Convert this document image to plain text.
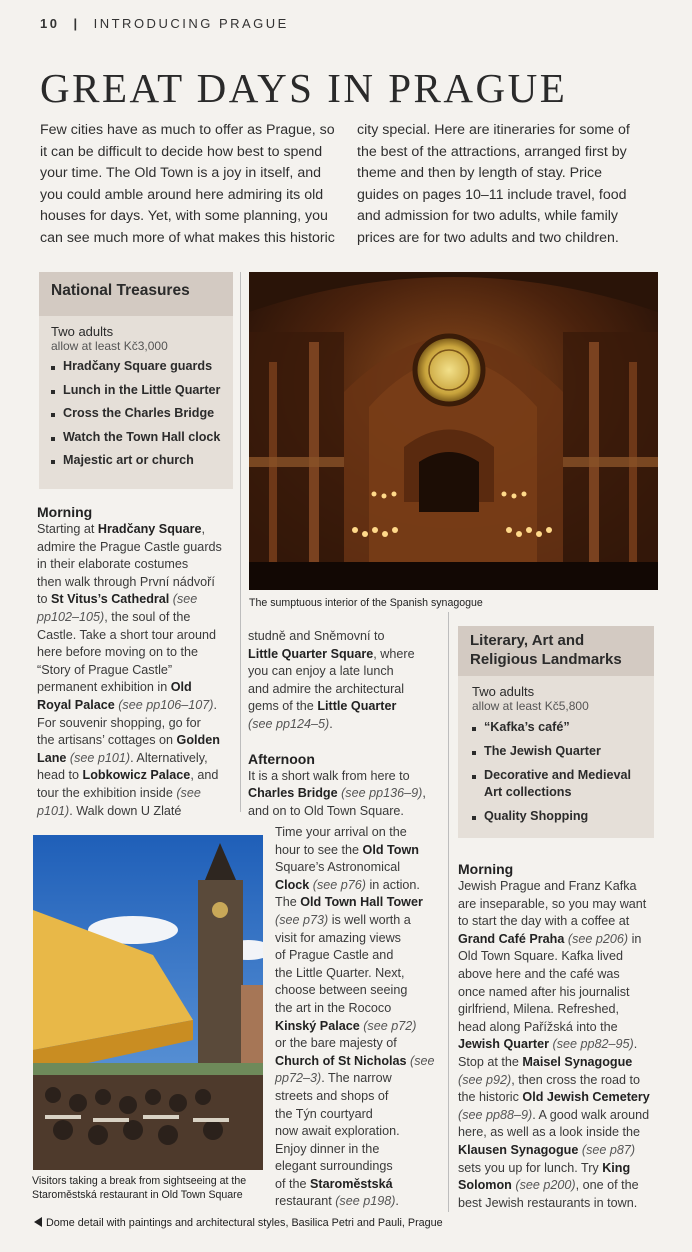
10 | INTRODUCING PRAGUE
GREAT DAYS IN PRAGUE

Few cities have as much to offer as Prague, so it can be difficult to decide how best to spend your time. The Old Town is a joy in itself, and you could amble around here admiring its old houses for days. Yet, with some planning, you can see much more of what makes this historic

city special. Here are itineraries for some of the best of the attractions, arranged first by theme and then by length of stay. Price guides on pages 10–11 include travel, food and admission for two adults, while family prices are for two adults and two children.

National Treasures
Two adults
allow at least Kč3,000
Hradčany Square guards
Lunch in the Little Quarter
Cross the Charles Bridge
Watch the Town Hall clock
Majestic art or church
The sumptuous interior of the Spanish synagogue
Morning
Starting at Hradčany Square,
admire the Prague Castle guards
in their elaborate costumes
then walk through První nádvoří
to St Vitus’s Cathedral (see
pp102–105), the soul of the
Castle. Take a short tour around
here before moving on to the
“Story of Prague Castle”
permanent exhibition in Old
Royal Palace (see pp106–107).
For souvenir shopping, go for
the artisans’ cottages on Golden
Lane (see p101). Alternatively,
head to Lobkowicz Palace, and
tour the exhibition inside (see
p101). Walk down U Zlaté
studně and Sněmovní to
Little Quarter Square, where
you can enjoy a late lunch
and admire the architectural
gems of the Little Quarter
(see pp124–5).
Afternoon
It is a short walk from here to
Charles Bridge (see pp136–9),
and on to Old Town Square.
Time your arrival on the
hour to see the Old Town
Square’s Astronomical
Clock (see p76) in action.
The Old Town Hall Tower
(see p73) is well worth a
visit for amazing views
of Prague Castle and
the Little Quarter. Next,
choose between seeing
the art in the Rococo
Kinský Palace (see p72)
or the bare majesty of
Church of St Nicholas (see
pp72–3). The narrow
streets and shops of
the Týn courtyard
now await exploration.
Enjoy dinner in the
elegant surroundings
of the Staroměstská
restaurant (see p198).
Literary, Art and
Religious Landmarks
Two adults
allow at least Kč5,800
“Kafka’s café”
The Jewish Quarter
Decorative and Medieval
Art collections
Quality Shopping
Morning
Jewish Prague and Franz Kafka
are inseparable, so you may want
to start the day with a coffee at
Grand Café Praha (see p206) in
Old Town Square. Kafka lived
above here and the café was
once named after his journalist
girlfriend, Milena. Refreshed,
head along Pařížská into the
Jewish Quarter (see pp82–95).
Stop at the Maisel Synagogue
(see p92), then cross the road to
the historic Old Jewish Cemetery
(see pp88–9). A good walk around
here, as well as a look inside the
Klausen Synagogue (see p87)
sets you up for lunch. Try King
Solomon (see p200), one of the
best Jewish restaurants in town.
Visitors taking a break from sightseeing at the
Staroměstská restaurant in Old Town Square
Dome detail with paintings and architectural styles, Basilica Petri and Pauli, Prague
